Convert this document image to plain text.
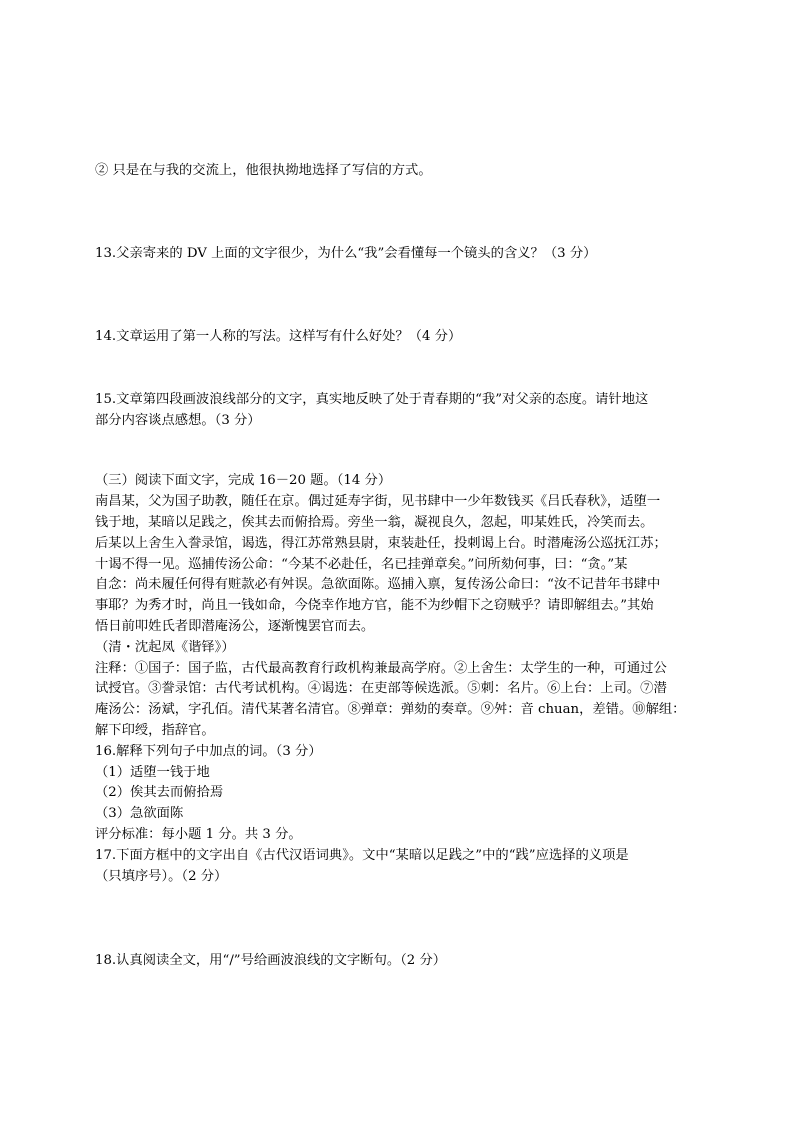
② 只是在与我的交流上，他很执拗地选择了写信的方式。
13.父亲寄来的 DV 上面的文字很少，为什么“我”会看懂每一个镜头的含义？（3 分）
14.文章运用了第一人称的写法。这样写有什么好处？（4 分）
15.文章第四段画波浪线部分的文字，真实地反映了处于青春期的“我”对父亲的态度。请针地这
部分内容谈点感想。（3 分）
（三）阅读下面文字，完成 16－20 题。（14 分）
南昌某，父为国子助教，随任在京。偶过延寿字街，见书肆中一少年数钱买《吕氏春秋》，适堕一
钱于地，某暗以足践之，俟其去而俯拾焉。旁坐一翁，凝视良久，忽起，叩某姓氏，冷笑而去。
后某以上舍生入誊录馆，谒选，得江苏常熟县尉，束装赴任，投刺谒上台。时潜庵汤公巡抚江苏；
十谒不得一见。巡捕传汤公命：“今某不必赴任，名已挂弹章矣。”问所劾何事，曰：“贪。”某
自念：尚未履任何得有赃款必有舛误。急欲面陈。巡捕入禀，复传汤公命曰：“汝不记昔年书肆中
事耶？为秀才时，尚且一钱如命，今侥幸作地方官，能不为纱帽下之窃贼乎？请即解组去。”其始
悟日前叩姓氏者即潜庵汤公，逐渐愧罢官而去。
（清・沈起凤《谐铎》）
注释：①国子：国子监，古代最高教育行政机构兼最高学府。②上舍生：太学生的一种，可通过公
试授官。③誊录馆：古代考试机构。④谒选：在吏部等候选派。⑤刺：名片。⑥上台：上司。⑦潜
庵汤公：汤斌，字孔佰。清代某著名清官。⑧弹章：弹劾的奏章。⑨舛：音 chuan，差错。⑩解组：
解下印绶，指辞官。
16.解释下列句子中加点的词。（3 分）
（1）适堕一钱于地
（2）俟其去而俯拾焉
（3）急欲面陈
评分标准：每小题 1 分。共 3 分。
17.下面方框中的文字出自《古代汉语词典》。文中“某暗以足践之”中的“践”应选择的义项是
（只填序号）。（2 分）
18.认真阅读全文，用“/”号给画波浪线的文字断句。（2 分）
